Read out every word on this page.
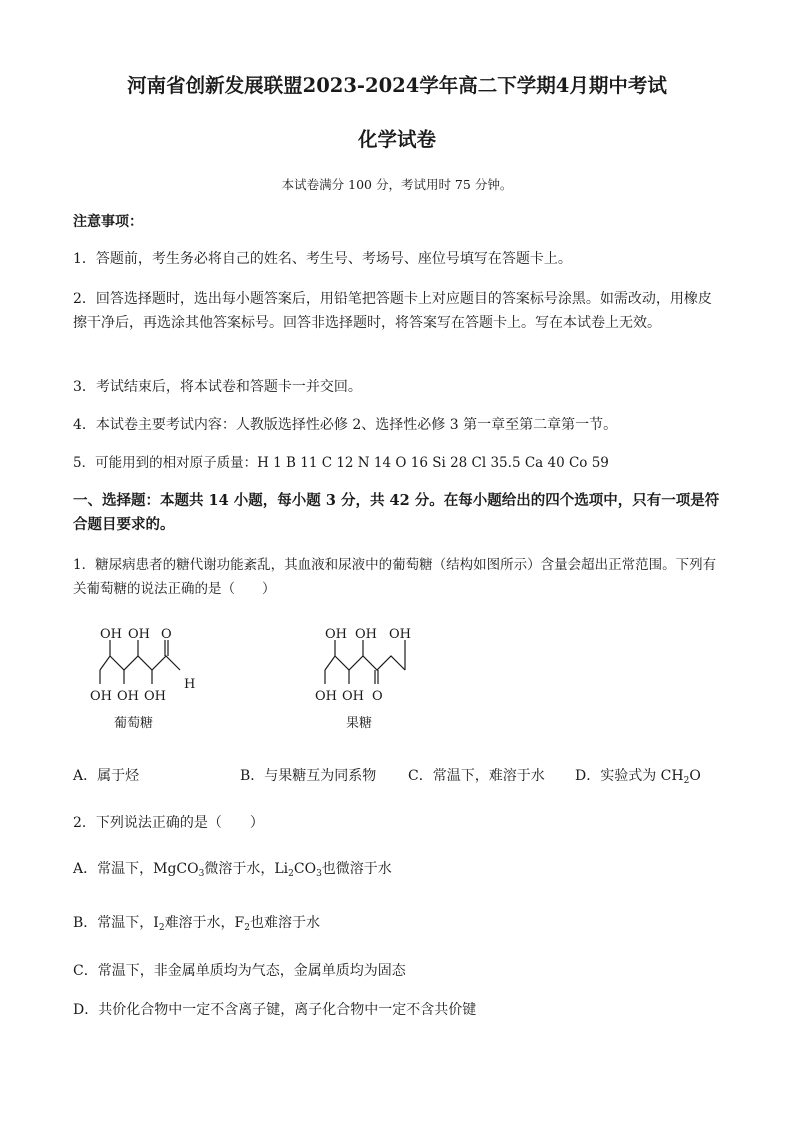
河南省创新发展联盟2023-2024学年高二下学期4月期中考试
化学试卷
本试卷满分 100 分，考试用时 75 分钟。
注意事项：
1．答题前，考生务必将自己的姓名、考生号、考场号、座位号填写在答题卡上。
2．回答选择题时，选出每小题答案后，用铅笔把答题卡上对应题目的答案标号涂黑。如需改动，用橡皮擦干净后，再选涂其他答案标号。回答非选择题时，将答案写在答题卡上。写在本试卷上无效。
3．考试结束后，将本试卷和答题卡一并交回。
4．本试卷主要考试内容：人教版选择性必修 2、选择性必修 3 第一章至第二章第一节。
5．可能用到的相对原子质量：H 1 B 11 C 12 N 14 O 16 Si 28 Cl 35.5 Ca 40 Co 59
一、选择题：本题共 14 小题，每小题 3 分，共 42 分。在每小题给出的四个选项中，只有一项是符合题目要求的。
1．糖尿病患者的糖代谢功能紊乱，其血液和尿液中的葡萄糖（结构如图所示）含量会超出正常范围。下列有关葡萄糖的说法正确的是（　　）
OH OH O
OH OH OH
H
葡萄糖
OH OH OH
OH OH O
果糖
A．属于烃	B．与果糖互为同系物 C．常温下，难溶于水 D．实验式为 $CH_2O$
2．下列说法正确的是（　　）
A．常温下，MgCO$_3$微溶于水，$Li_2CO_3$也微溶于水
B．常温下，$I_2$难溶于水，$F_2$也难溶于水
C．常温下，非金属单质均为气态，金属单质均为固态
D．共价化合物中一定不含离子键，离子化合物中一定不含共价键
